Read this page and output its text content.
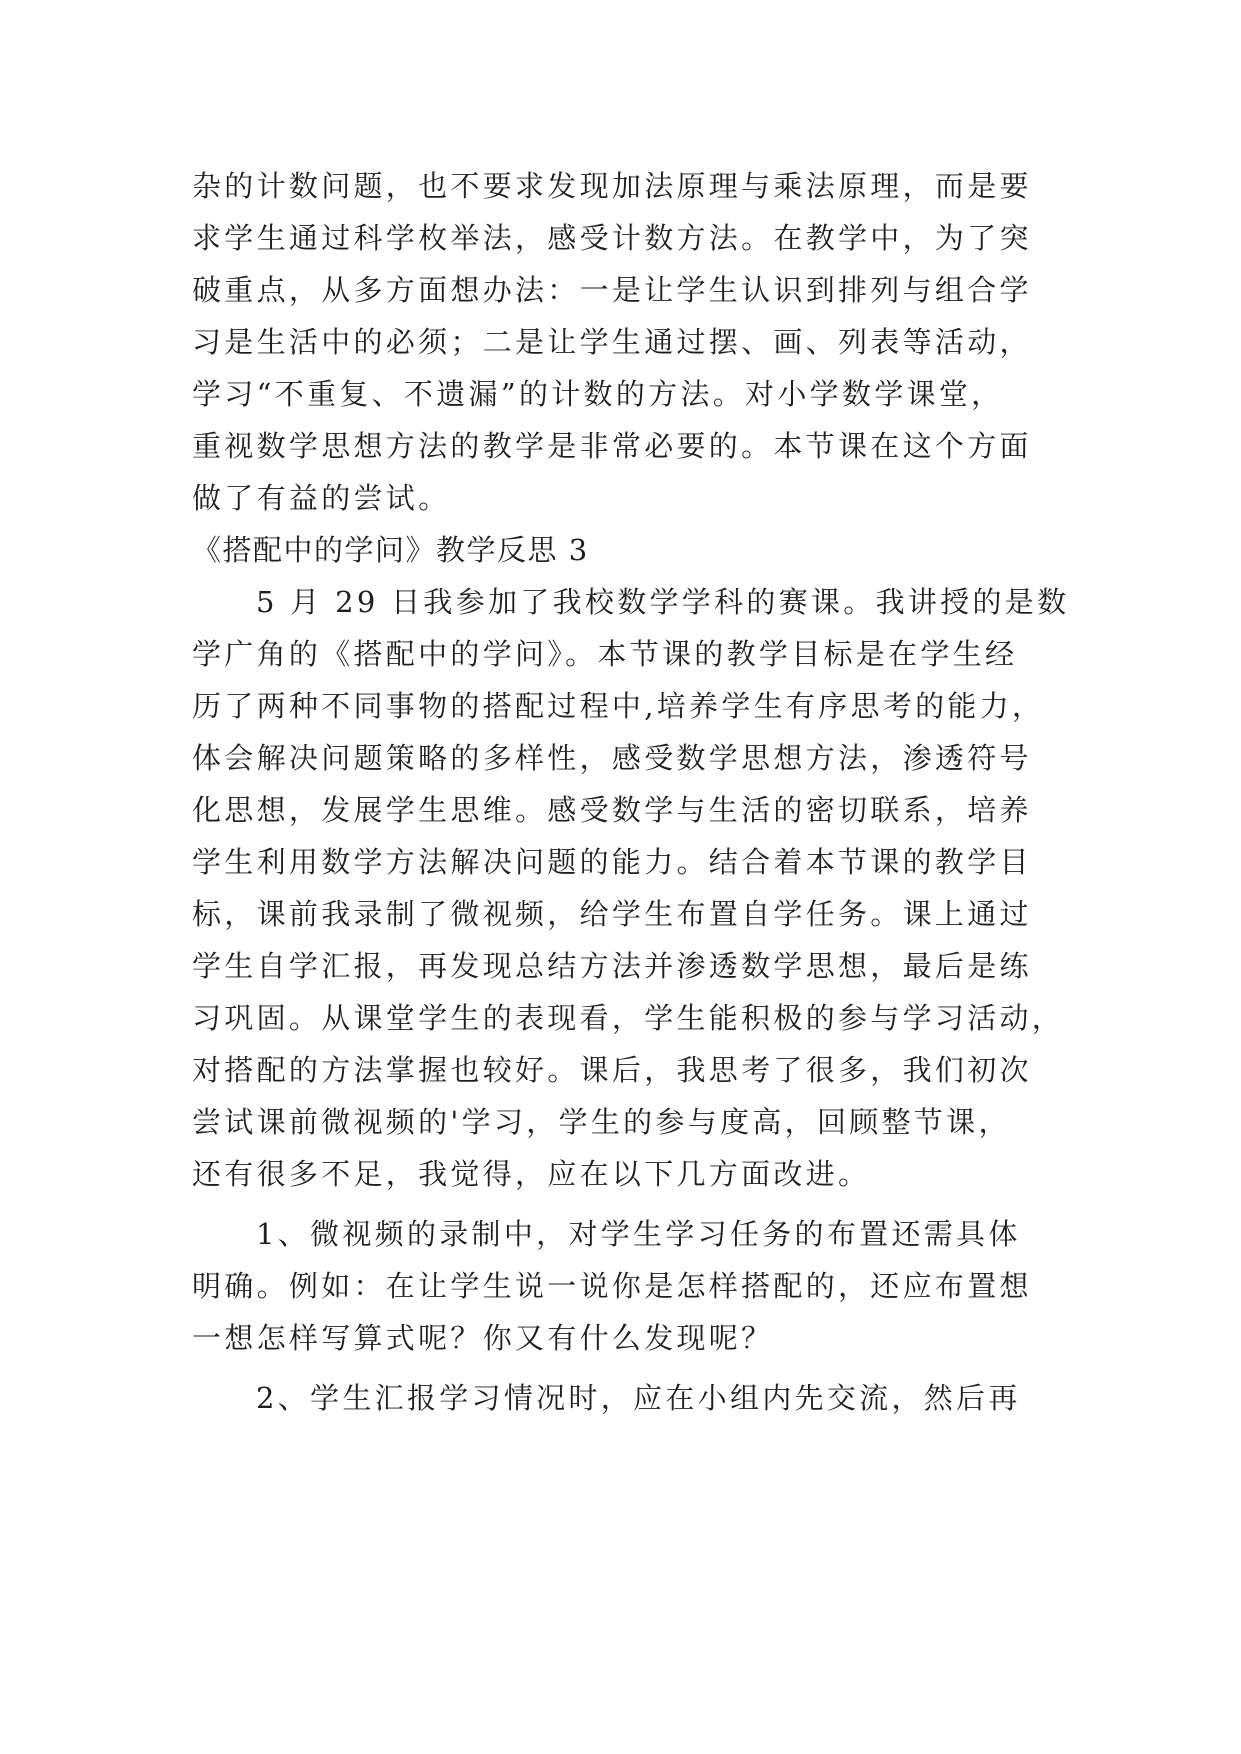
杂的计数问题，也不要求发现加法原理与乘法原理，而是要
求学生通过科学枚举法，感受计数方法。在教学中，为了突
破重点，从多方面想办法：一是让学生认识到排列与组合学
习是生活中的必须；二是让学生通过摆、画、列表等活动，
学习“不重复、不遗漏”的计数的方法。对小学数学课堂，
重视数学思想方法的教学是非常必要的。本节课在这个方面
做了有益的尝试。
《搭配中的学问》教学反思 3
5 月 29 日我参加了我校数学学科的赛课。我讲授的是数
学广角的《搭配中的学问》。本节课的教学目标是在学生经
历了两种不同事物的搭配过程中,培养学生有序思考的能力，
体会解决问题策略的多样性，感受数学思想方法，渗透符号
化思想，发展学生思维。感受数学与生活的密切联系，培养
学生利用数学方法解决问题的能力。结合着本节课的教学目
标，课前我录制了微视频，给学生布置自学任务。课上通过
学生自学汇报，再发现总结方法并渗透数学思想，最后是练
习巩固。从课堂学生的表现看，学生能积极的参与学习活动，
对搭配的方法掌握也较好。课后，我思考了很多，我们初次
尝试课前微视频的'学习，学生的参与度高，回顾整节课，
还有很多不足，我觉得，应在以下几方面改进。
1、微视频的录制中，对学生学习任务的布置还需具体
明确。例如：在让学生说一说你是怎样搭配的，还应布置想
一想怎样写算式呢？你又有什么发现呢？
2、学生汇报学习情况时，应在小组内先交流，然后再
